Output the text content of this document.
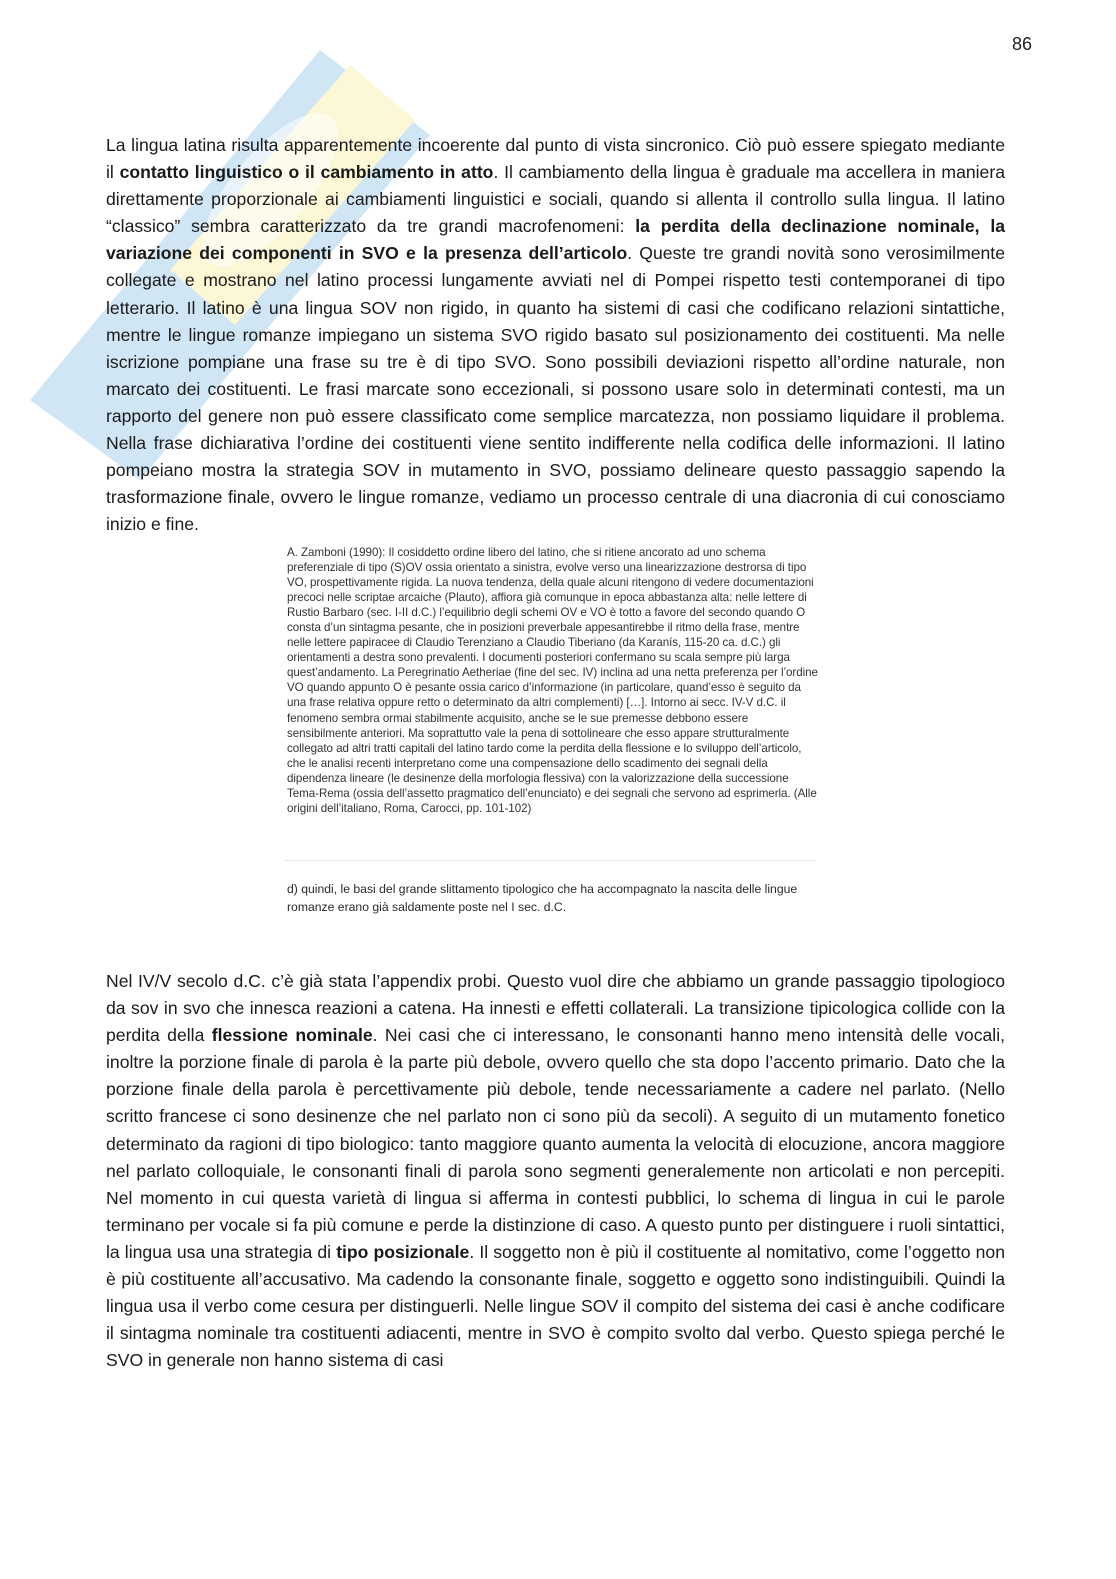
86
La lingua latina risulta apparentemente incoerente dal punto di vista sincronico. Ciò può essere spiegato mediante il contatto linguistico o il cambiamento in atto. Il cambiamento della lingua è graduale ma accellera in maniera direttamente proporzionale ai cambiamenti linguistici e sociali, quando si allenta il controllo sulla lingua. Il latino “classico” sembra caratterizzato da tre grandi macrofenomeni: la perdita della declinazione nominale, la variazione dei componenti in SVO e la presenza dell’articolo. Queste tre grandi novità sono verosimilmente collegate e mostrano nel latino processi lungamente avviati nel di Pompei rispetto testi contemporanei di tipo letterario. Il latino è una lingua SOV non rigido, in quanto ha sistemi di casi che codificano relazioni sintattiche, mentre le lingue romanze impiegano un sistema SVO rigido basato sul posizionamento dei costituenti. Ma nelle iscrizione pompiane una frase su tre è di tipo SVO. Sono possibili deviazioni rispetto all’ordine naturale, non marcato dei costituenti. Le frasi marcate sono eccezionali, si possono usare solo in determinati contesti, ma un rapporto del genere non può essere classificato come semplice marcatezza, non possiamo liquidare il problema. Nella frase dichiarativa l’ordine dei costituenti viene sentito indifferente nella codifica delle informazioni. Il latino pompeiano mostra la strategia SOV in mutamento in SVO, possiamo delineare questo passaggio sapendo la trasformazione finale, ovvero le lingue romanze, vediamo un processo centrale di una diacronia di cui conosciamo inizio e fine.
A. Zamboni (1990): Il cosiddetto ordine libero del latino, che si ritiene ancorato ad uno schema preferenziale di tipo (S)OV ossia orientato a sinistra, evolve verso una linearizzazione destrorsa di tipo VO, prospettivamente rigida. La nuova tendenza, della quale alcuni ritengono di vedere documentazioni precoci nelle scriptae arcaiche (Plauto), affiora già comunque in epoca abbastanza alta: nelle lettere di Rustio Barbaro (sec. I-II d.C.) l’equilibrio degli schemi OV e VO è totto a favore del secondo quando O consta d’un sintagma pesante, che in posizioni preverbale appesantirebbe il ritmo della frase, mentre nelle lettere papiracee di Claudio Terenziano a Claudio Tiberiano (da Karanís, 115-20 ca. d.C.) gli orientamenti a destra sono prevalenti. I documenti posteriori confermano su scala sempre più larga quest’andamento. La Peregrinatio Aetheriae (fine del sec. IV) inclina ad una netta preferenza per l’ordine VO quando appunto O è pesante ossia carico d’informazione (in particolare, quand’esso è seguito da una frase relativa oppure retto o determinato da altri complementi) […]. Intorno ai secc. IV-V d.C. il fenomeno sembra ormai stabilmente acquisito, anche se le sue premesse debbono essere sensibilmente anteriori. Ma soprattutto vale la pena di sottolineare che esso appare strutturalmente collegato ad altri tratti capitali del latino tardo come la perdita della flessione e lo sviluppo dell’articolo, che le analisi recenti interpretano come una compensazione dello scadimento dei segnali della dipendenza lineare (le desinenze della morfologia flessiva) con la valorizzazione della successione Tema-Rema (ossia dell’assetto pragmatico dell’enunciato) e dei segnali che servono ad esprimerla. (Alle origini dell’italiano, Roma, Carocci, pp. 101-102)
d) quindi, le basi del grande slittamento tipologico che ha accompagnato la nascita delle lingue romanze erano già saldamente poste nel I sec. d.C.
Nel IV/V secolo d.C. c’è già stata l’appendix probi. Questo vuol dire che abbiamo un grande passaggio tipologioco da sov in svo che innesca reazioni a catena. Ha innesti e effetti collaterali. La transizione tipicologica collide con la perdita della flessione nominale. Nei casi che ci interessano, le consonanti hanno meno intensità delle vocali, inoltre la porzione finale di parola è la parte più debole, ovvero quello che sta dopo l’accento primario. Dato che la porzione finale della parola è percettivamente più debole, tende necessariamente a cadere nel parlato. (Nello scritto francese ci sono desinenze che nel parlato non ci sono più da secoli). A seguito di un mutamento fonetico determinato da ragioni di tipo biologico: tanto maggiore quanto aumenta la velocità di elocuzione, ancora maggiore nel parlato colloquiale, le consonanti finali di parola sono segmenti generalemente non articolati e non percepiti. Nel momento in cui questa varietà di lingua si afferma in contesti pubblici, lo schema di lingua in cui le parole terminano per vocale si fa più comune e perde la distinzione di caso. A questo punto per distinguere i ruoli sintattici, la lingua usa una strategia di tipo posizionale. Il soggetto non è più il costituente al nomitativo, come l’oggetto non è più costituente all’accusativo. Ma cadendo la consonante finale, soggetto e oggetto sono indistinguibili. Quindi la lingua usa il verbo come cesura per distinguerli. Nelle lingue SOV il compito del sistema dei casi è anche codificare il sintagma nominale tra costituenti adiacenti, mentre in SVO è compito svolto dal verbo. Questo spiega perché le SVO in generale non hanno sistema di casi
